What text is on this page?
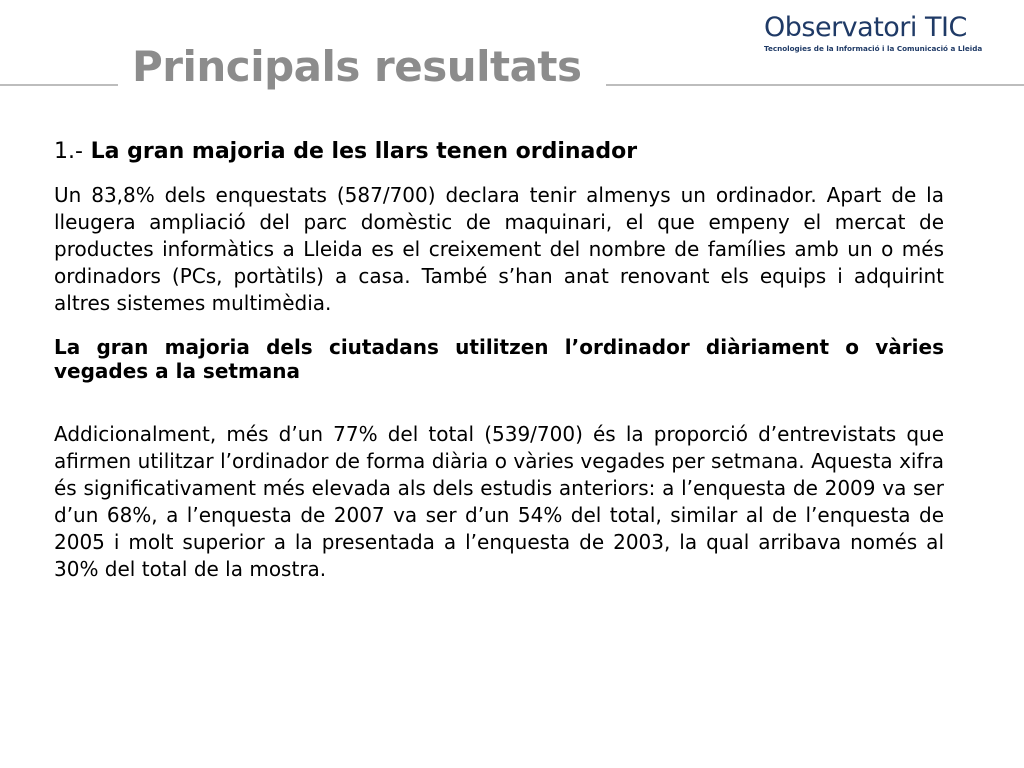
Principals resultats
Observatori TIC
Tecnologies de la Informació i la Comunicació a Lleida
1.- La gran majoria de les llars tenen ordinador

Un 83,8% dels enquestats (587/700) declara tenir almenys un ordinador. Apart de la lleugera ampliació del parc domèstic de maquinari, el que empeny el mercat de productes informàtics a Lleida es el creixement del nombre de famílies amb un o més ordinadors (PCs, portàtils) a casa. També s’han anat renovant els equips i adquirint altres sistemes multimèdia.

La gran majoria dels ciutadans utilitzen l’ordinador diàriament o vàries vegades a la setmana

Addicionalment, més d’un 77% del total (539/700) és la proporció d’entrevistats que afirmen utilitzar l’ordinador de forma diària o vàries vegades per setmana. Aquesta xifra és significativament més elevada als dels estudis anteriors: a l’enquesta de 2009 va ser d’un 68%, a l’enquesta de 2007 va ser d’un 54% del total, similar al de l’enquesta de 2005 i molt superior a la presentada a l’enquesta de 2003, la qual arribava només al 30% del total de la mostra.
